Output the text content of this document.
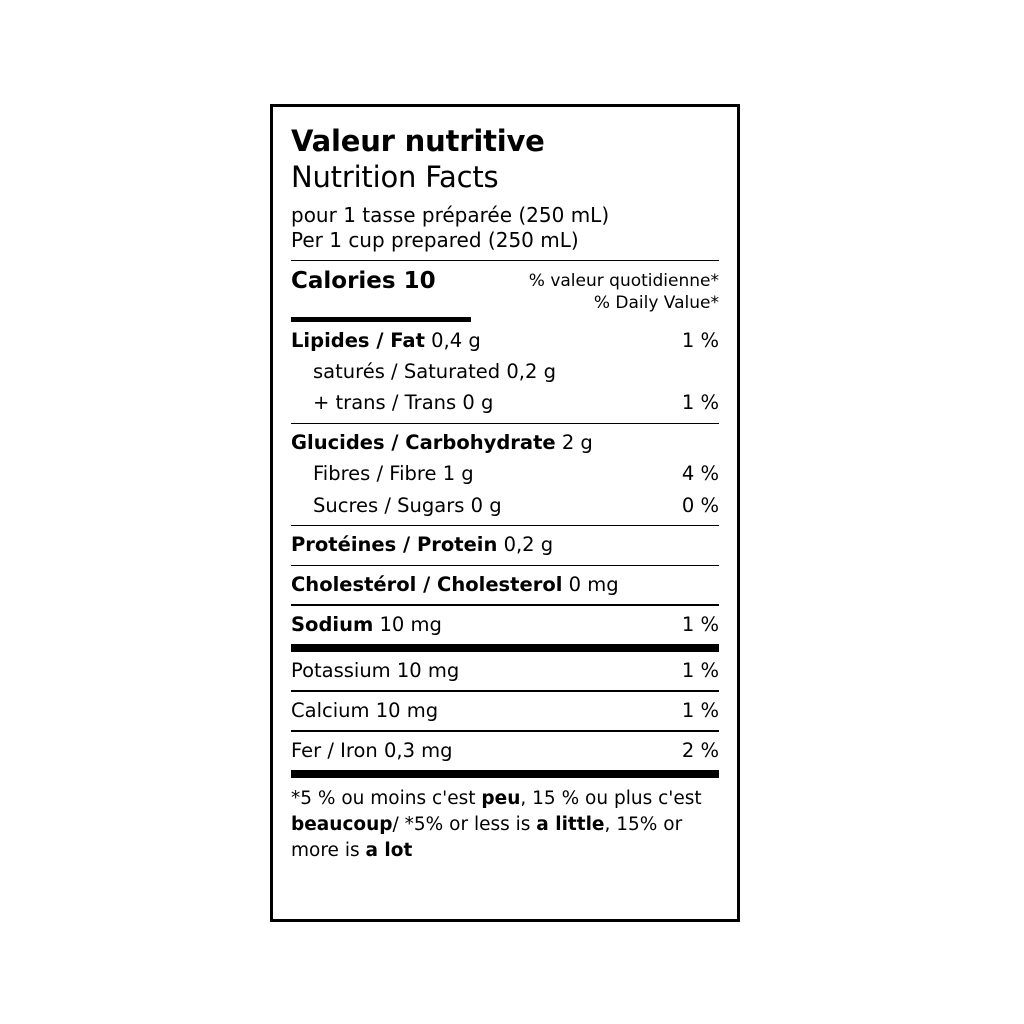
Valeur nutritive
Nutrition Facts
pour 1 tasse préparée (250 mL)
Per 1 cup prepared (250 mL)
Calories 10	% valeur quotidienne*
% Daily Value*
Lipides / Fat 0,4 g	1 %
saturés / Saturated 0,2 g
+ trans / Trans 0 g	1 %
Glucides / Carbohydrate 2 g
Fibres / Fibre 1 g	4 %
Sucres / Sugars 0 g	0 %
Protéines / Protein 0,2 g
Cholestérol / Cholesterol 0 mg
Sodium 10 mg	1 %
Potassium 10 mg	1 %
Calcium 10 mg	1 %
Fer / Iron 0,3 mg	2 %
*5 % ou moins c'est peu, 15 % ou plus c'est beaucoup/ *5% or less is a little, 15% or more is a lot
